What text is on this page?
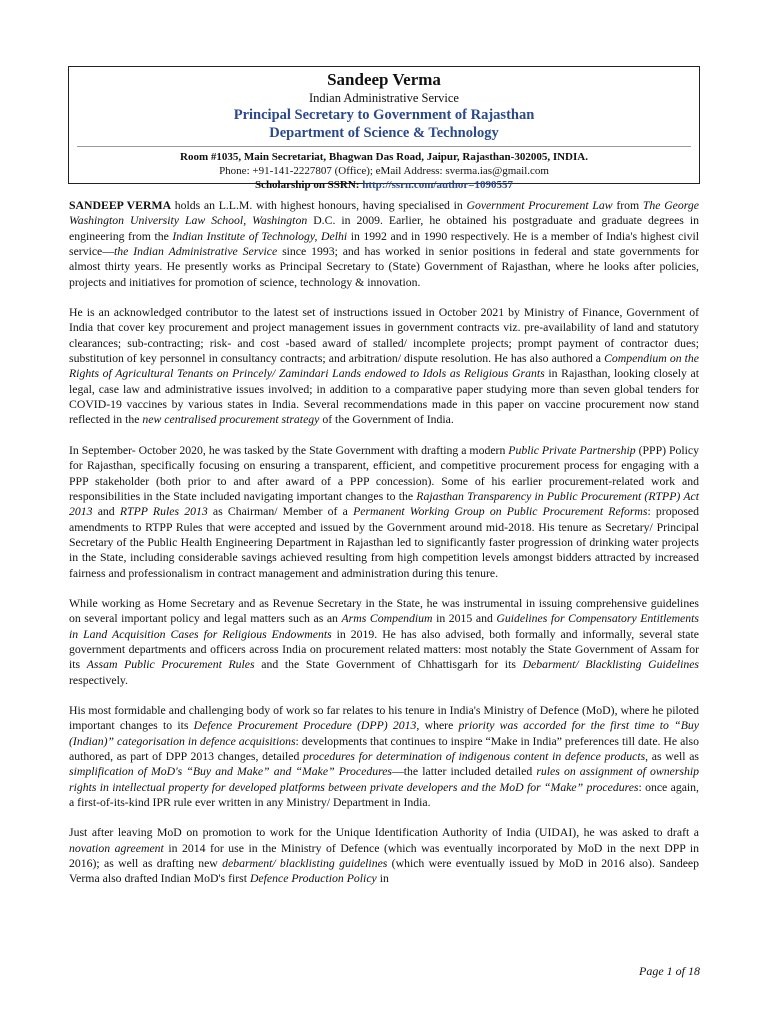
Sandeep Verma
Indian Administrative Service
Principal Secretary to Government of Rajasthan
Department of Science & Technology
Room #1035, Main Secretariat, Bhagwan Das Road, Jaipur, Rajasthan-302005, INDIA.
Phone: +91-141-2227807 (Office); eMail Address: sverma.ias@gmail.com
Scholarship on SSRN: http://ssrn.com/author=1090557

SANDEEP VERMA holds an L.L.M. with highest honours, having specialised in Government Procurement Law from The George Washington University Law School, Washington D.C. in 2009. Earlier, he obtained his postgraduate and graduate degrees in engineering from the Indian Institute of Technology, Delhi in 1992 and in 1990 respectively. He is a member of India's highest civil service—the Indian Administrative Service since 1993; and has worked in senior positions in federal and state governments for almost thirty years. He presently works as Principal Secretary to (State) Government of Rajasthan, where he looks after policies, projects and initiatives for promotion of science, technology & innovation.

He is an acknowledged contributor to the latest set of instructions issued in October 2021 by Ministry of Finance, Government of India that cover key procurement and project management issues in government contracts viz. pre-availability of land and statutory clearances; sub-contracting; risk- and cost -based award of stalled/ incomplete projects; prompt payment of contractor dues; substitution of key personnel in consultancy contracts; and arbitration/ dispute resolution. He has also authored a Compendium on the Rights of Agricultural Tenants on Princely/ Zamindari Lands endowed to Idols as Religious Grants in Rajasthan, looking closely at legal, case law and administrative issues involved; in addition to a comparative paper studying more than seven global tenders for COVID-19 vaccines by various states in India. Several recommendations made in this paper on vaccine procurement now stand reflected in the new centralised procurement strategy of the Government of India.

In September- October 2020, he was tasked by the State Government with drafting a modern Public Private Partnership (PPP) Policy for Rajasthan, specifically focusing on ensuring a transparent, efficient, and competitive procurement process for engaging with a PPP stakeholder (both prior to and after award of a PPP concession). Some of his earlier procurement-related work and responsibilities in the State included navigating important changes to the Rajasthan Transparency in Public Procurement (RTPP) Act 2013 and RTPP Rules 2013 as Chairman/ Member of a Permanent Working Group on Public Procurement Reforms: proposed amendments to RTPP Rules that were accepted and issued by the Government around mid-2018. His tenure as Secretary/ Principal Secretary of the Public Health Engineering Department in Rajasthan led to significantly faster progression of drinking water projects in the State, including considerable savings achieved resulting from high competition levels amongst bidders attracted by increased fairness and professionalism in contract management and administration during this tenure.

While working as Home Secretary and as Revenue Secretary in the State, he was instrumental in issuing comprehensive guidelines on several important policy and legal matters such as an Arms Compendium in 2015 and Guidelines for Compensatory Entitlements in Land Acquisition Cases for Religious Endowments in 2019. He has also advised, both formally and informally, several state government departments and officers across India on procurement related matters: most notably the State Government of Assam for its Assam Public Procurement Rules and the State Government of Chhattisgarh for its Debarment/ Blacklisting Guidelines respectively.

His most formidable and challenging body of work so far relates to his tenure in India's Ministry of Defence (MoD), where he piloted important changes to its Defence Procurement Procedure (DPP) 2013, where priority was accorded for the first time to “Buy (Indian)” categorisation in defence acquisitions: developments that continues to inspire “Make in India” preferences till date. He also authored, as part of DPP 2013 changes, detailed procedures for determination of indigenous content in defence products, as well as simplification of MoD's “Buy and Make” and “Make” Procedures—the latter included detailed rules on assignment of ownership rights in intellectual property for developed platforms between private developers and the MoD for “Make” procedures: once again, a first-of-its-kind IPR rule ever written in any Ministry/ Department in India.

Just after leaving MoD on promotion to work for the Unique Identification Authority of India (UIDAI), he was asked to draft a novation agreement in 2014 for use in the Ministry of Defence (which was eventually incorporated by MoD in the next DPP in 2016); as well as drafting new debarment/ blacklisting guidelines (which were eventually issued by MoD in 2016 also). Sandeep Verma also drafted Indian MoD's first Defence Production Policy in

Page 1 of 18
